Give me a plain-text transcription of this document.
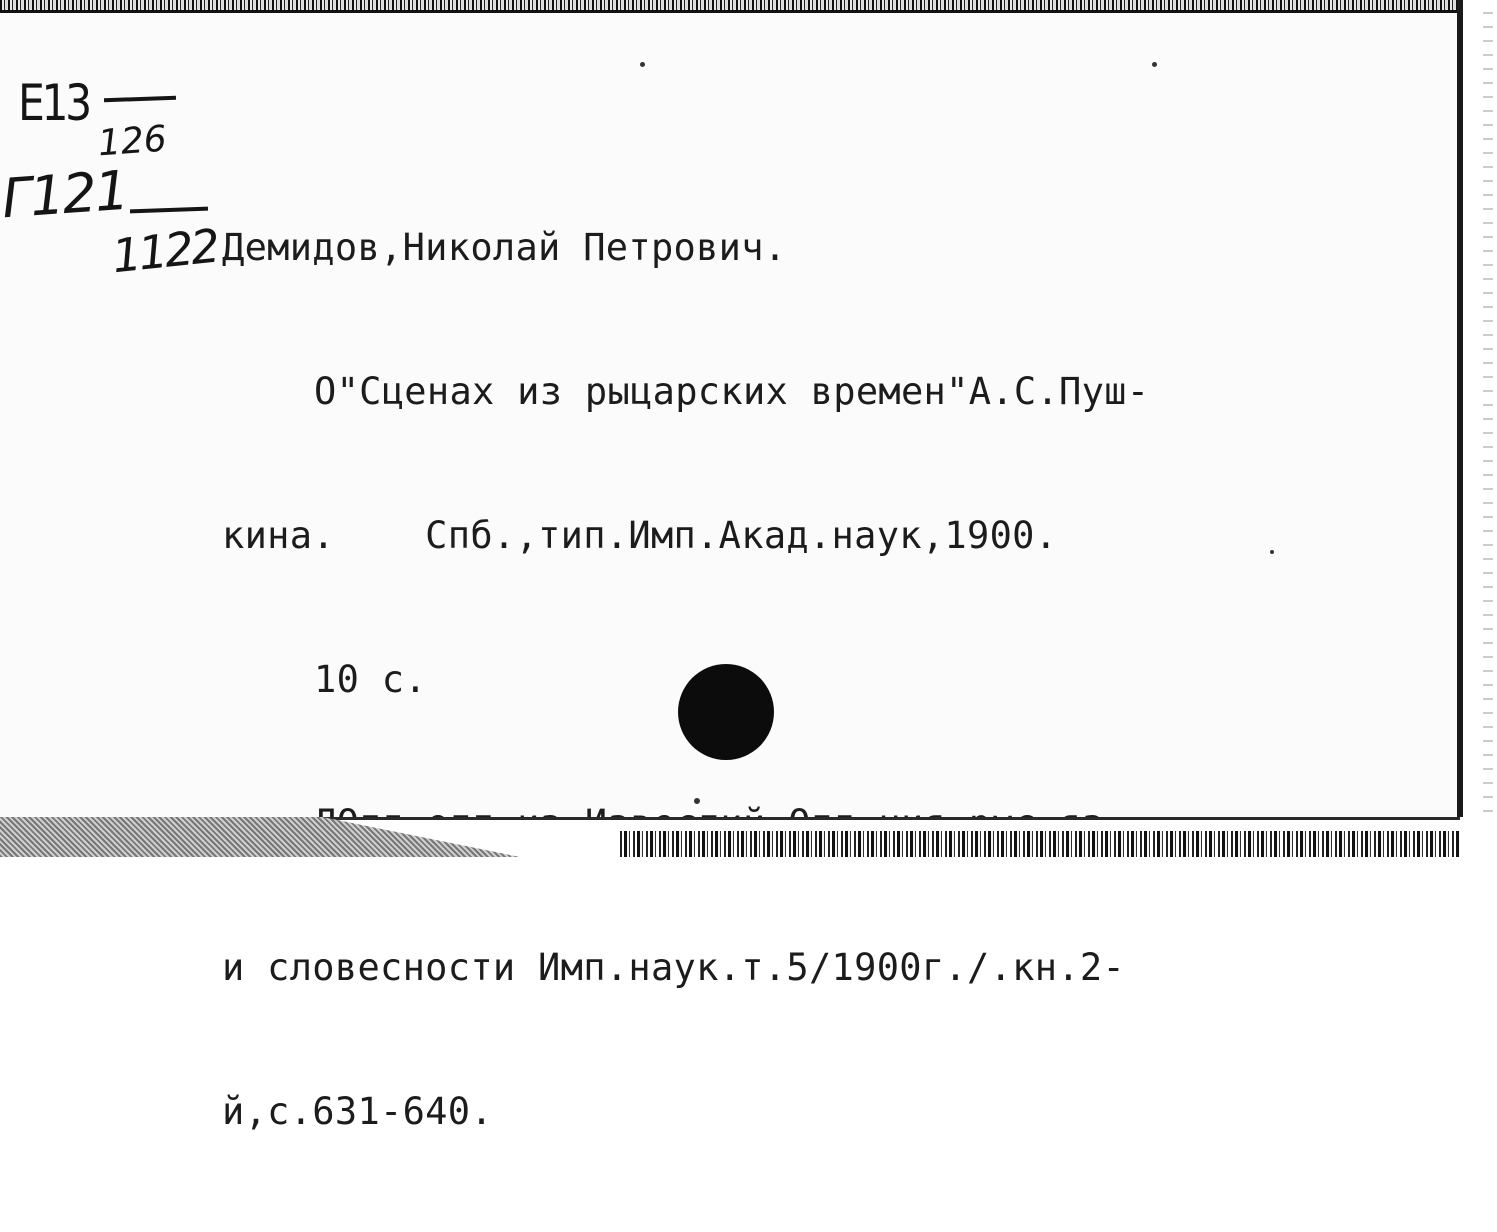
E13
126
Г121
1122

Демидов,Николай Петрович.

О"Сценах из рыцарских времен"А.С.Пуш-

кина.    Спб.,тип.Имп.Акад.наук,1900.

10 с.

и словесности Имп.наук.т.5/1900г./.кн.2-

й,с.631-640.
